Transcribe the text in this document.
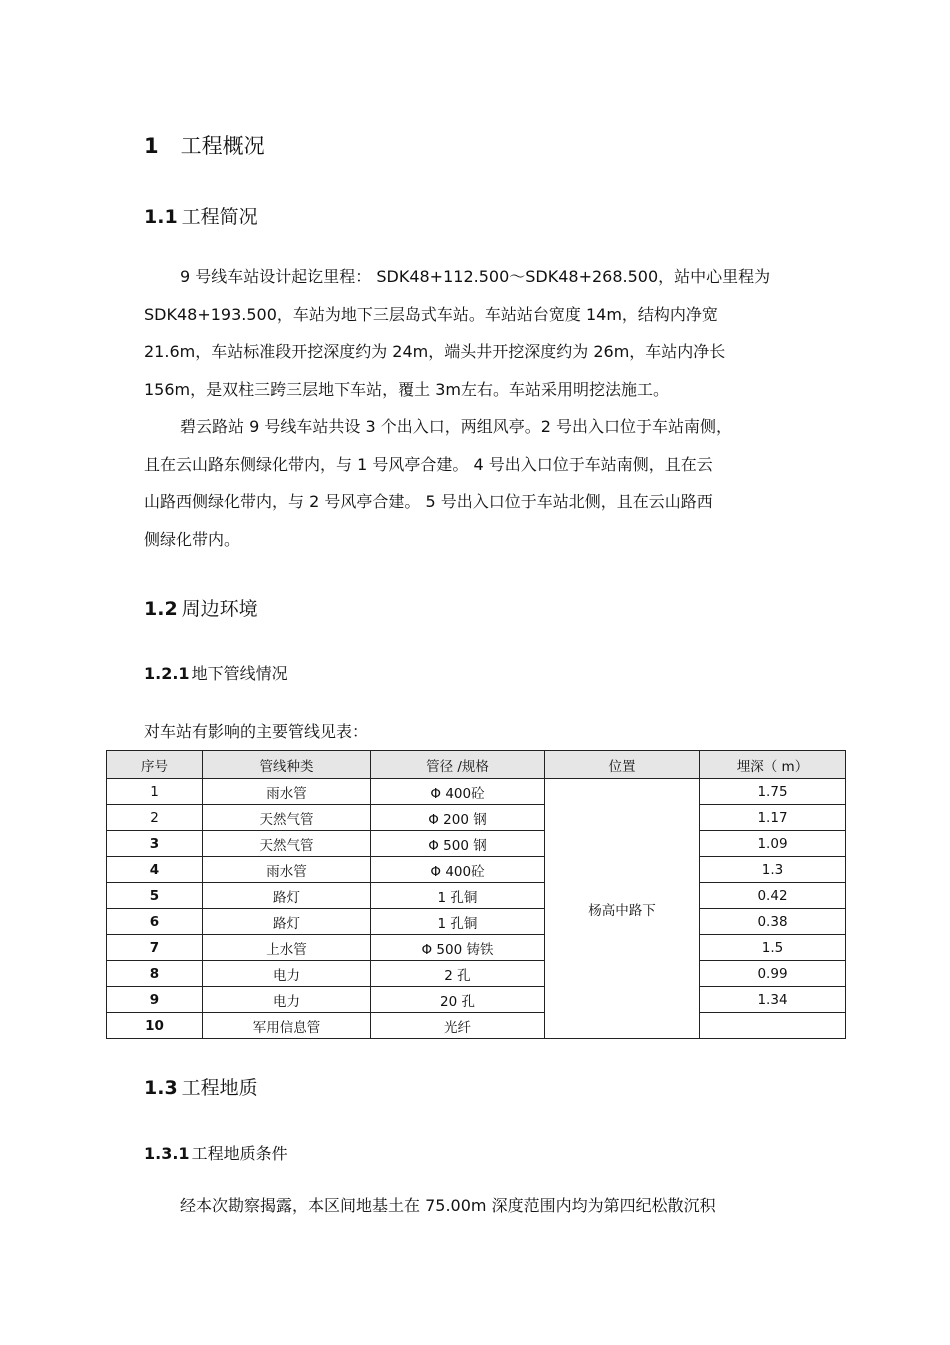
1 工程概况
1.1 工程简况
9 号线车站设计起讫里程： SDK48+112.500～SDK48+268.500，站中心里程为
SDK48+193.500，车站为地下三层岛式车站。车站站台宽度 14m，结构内净宽
21.6m，车站标准段开挖深度约为 24m，端头井开挖深度约为 26m，车站内净长
156m，是双柱三跨三层地下车站，覆土 3m左右。车站采用明挖法施工。
碧云路站 9 号线车站共设 3 个出入口，两组风亭。2 号出入口位于车站南侧，
且在云山路东侧绿化带内，与 1 号风亭合建。 4 号出入口位于车站南侧，且在云
山路西侧绿化带内，与 2 号风亭合建。 5 号出入口位于车站北侧，且在云山路西
侧绿化带内。
1.2 周边环境
1.2.1 地下管线情况
对车站有影响的主要管线见表：
序号	管线种类	管径 /规格	位置	埋深（ m）
1	雨水管	Φ 400砼	杨高中路下	1.75
2	天然气管	Φ 200 钢		1.17
3	天然气管	Φ 500 钢		1.09
4	雨水管	Φ 400砼		1.3
5	路灯	1 孔铜		0.42
6	路灯	1 孔铜		0.38
7	上水管	Φ 500 铸铁		1.5
8	电力	2 孔		0.99
9	电力	20 孔		1.34
10	军用信息管	光纤		
1.3 工程地质
1.3.1 工程地质条件
经本次勘察揭露，本区间地基土在 75.00m 深度范围内均为第四纪松散沉积
